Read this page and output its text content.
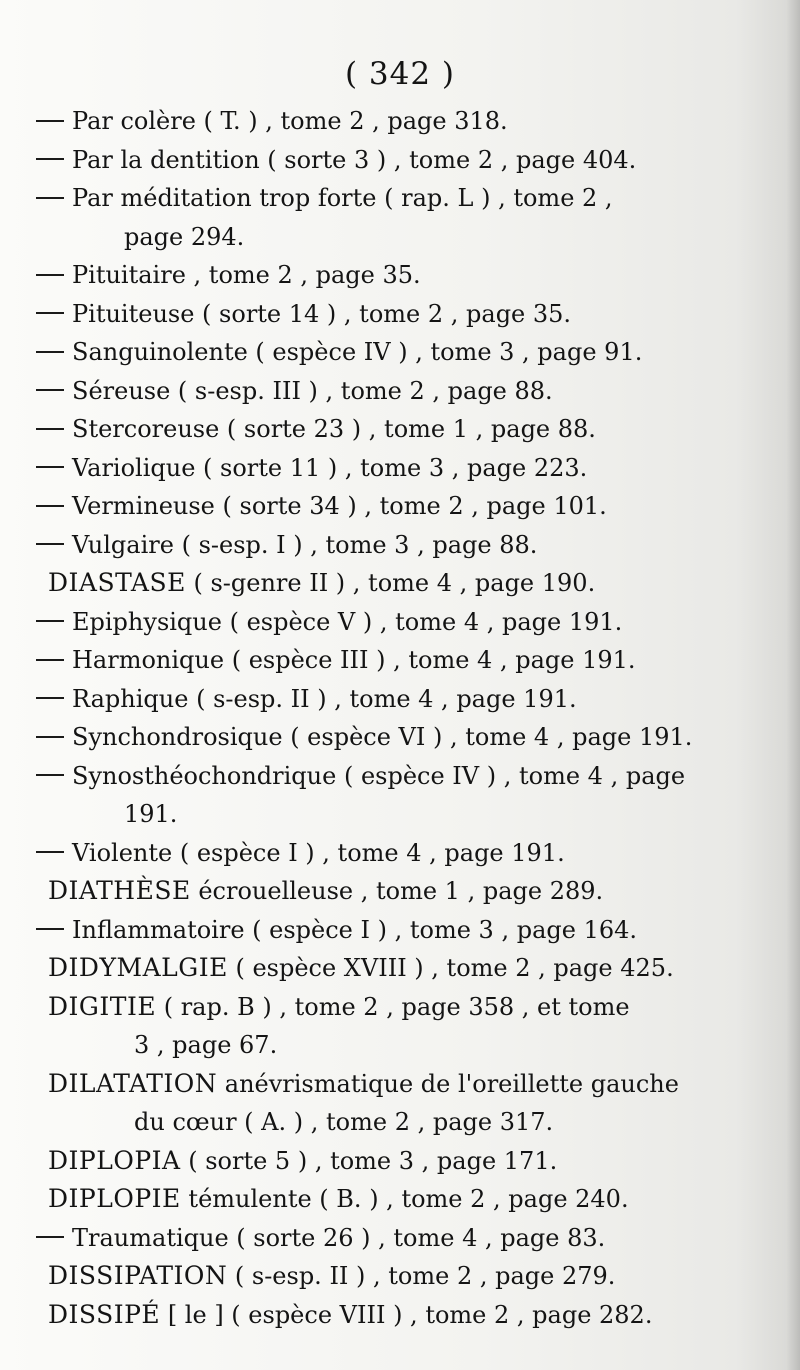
( 342 )
Par colère ( T. ) , tome 2 , page 318.
Par la dentition ( sorte 3 ) , tome 2 , page 404.
Par méditation trop forte ( rap. L ) , tome 2 ,
page 294.
Pituitaire , tome 2 , page 35.
Pituiteuse ( sorte 14 ) , tome 2 , page 35.
Sanguinolente ( espèce IV ) , tome 3 , page 91.
Séreuse ( s-esp. III ) , tome 2 , page 88.
Stercoreuse ( sorte 23 ) , tome 1 , page 88.
Variolique ( sorte 11 ) , tome 3 , page 223.
Vermineuse ( sorte 34 ) , tome 2 , page 101.
Vulgaire ( s-esp. I ) , tome 3 , page 88.
DIASTASE ( s-genre II ) , tome 4 , page 190.
Epiphysique ( espèce V ) , tome 4 , page 191.
Harmonique ( espèce III ) , tome 4 , page 191.
Raphique ( s-esp. II ) , tome 4 , page 191.
Synchondrosique ( espèce VI ) , tome 4 , page 191.
Synosthéochondrique ( espèce IV ) , tome 4 , page
191.
Violente ( espèce I ) , tome 4 , page 191.
DIATHÈSE écrouelleuse , tome 1 , page 289.
Inflammatoire ( espèce I ) , tome 3 , page 164.
DIDYMALGIE ( espèce XVIII ) , tome 2 , page 425.
DIGITIE ( rap. B ) , tome 2 , page 358 , et tome
3 , page 67.
DILATATION anévrismatique de l'oreillette gauche
du cœur ( A. ) , tome 2 , page 317.
DIPLOPIA ( sorte 5 ) , tome 3 , page 171.
DIPLOPIE témulente ( B. ) , tome 2 , page 240.
Traumatique ( sorte 26 ) , tome 4 , page 83.
DISSIPATION ( s-esp. II ) , tome 2 , page 279.
DISSIPÉ [ le ] ( espèce VIII ) , tome 2 , page 282.
